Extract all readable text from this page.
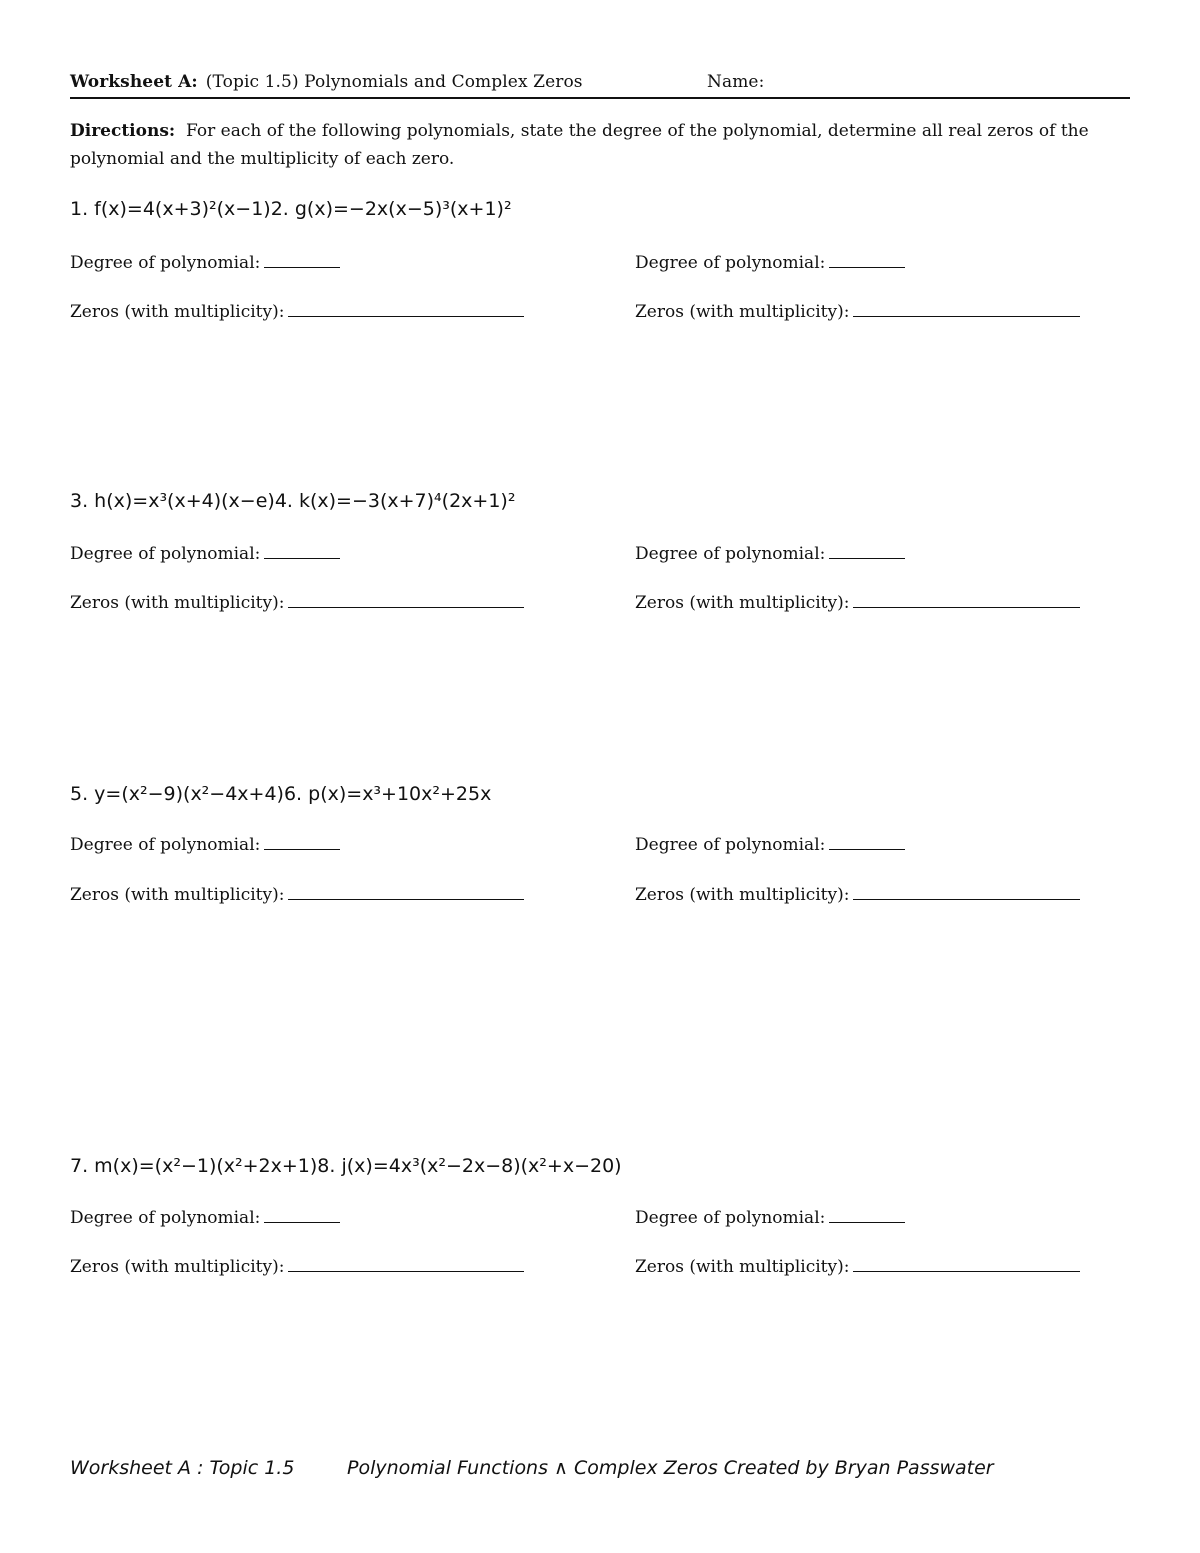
Worksheet A: (Topic 1.5) Polynomials and Complex Zeros	Name:
Directions: For each of the following polynomials, state the degree of the polynomial, determine all real zeros of the polynomial and the multiplicity of each zero.
1. f(x)=4(x+3)²(x−1)2. g(x)=−2x(x−5)³(x+1)²
Degree of polynomial:	Degree of polynomial:
Zeros (with multiplicity):	Zeros (with multiplicity):
3. h(x)=x³(x+4)(x−e)4. k(x)=−3(x+7)⁴(2x+1)²
Degree of polynomial:	Degree of polynomial:
Zeros (with multiplicity):	Zeros (with multiplicity):
5. y=(x²−9)(x²−4x+4)6. p(x)=x³+10x²+25x
Degree of polynomial:	Degree of polynomial:
Zeros (with multiplicity):	Zeros (with multiplicity):
7. m(x)=(x²−1)(x²+2x+1)8. j(x)=4x³(x²−2x−8)(x²+x−20)
Degree of polynomial:	Degree of polynomial:
Zeros (with multiplicity):	Zeros (with multiplicity):
Worksheet A : Topic 1.5	Polynomial Functions ∧ Complex Zeros Created by Bryan Passwater
